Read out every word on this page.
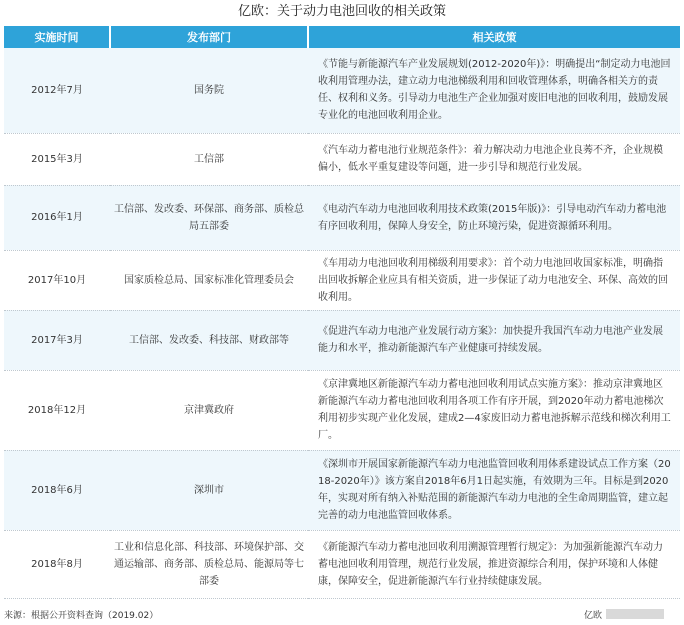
亿欧：关于动力电池回收的相关政策
实施时间	发布部门	相关政策
2012年7月	国务院	《节能与新能源汽车产业发展规划(2012-2020年)》：明确提出“制定动力电池回收利用管理办法，建立动力电池梯级利用和回收管理体系，明确各相关方的责任、权利和义务。引导动力电池生产企业加强对废旧电池的回收利用，鼓励发展专业化的电池回收利用企业。
2015年3月	工信部	《汽车动力蓄电池行业规范条件》：着力解决动力电池企业良莠不齐，企业规模偏小，低水平重复建设等问题，进一步引导和规范行业发展。
2016年1月	工信部、发改委、环保部、商务部、质检总局五部委	《电动汽车动力电池回收利用技术政策(2015年版)》：引导电动汽车动力蓄电池有序回收利用，保障人身安全，防止环境污染，促进资源循环利用。
2017年10月	国家质检总局、国家标准化管理委员会	《车用动力电池回收利用梯级利用要求》：首个动力电池回收国家标准，明确指出回收拆解企业应具有相关资质，进一步保证了动力电池安全、环保、高效的回收利用。
2017年3月	工信部、发改委、科技部、财政部等	《促进汽车动力电池产业发展行动方案》：加快提升我国汽车动力电池产业发展能力和水平，推动新能源汽车产业健康可持续发展。
2018年12月	京津冀政府	《京津冀地区新能源汽车动力蓄电池回收利用试点实施方案》：推动京津冀地区新能源汽车动力蓄电池回收利用各项工作有序开展，到2020年动力蓄电池梯次利用初步实现产业化发展，建成2—4家废旧动力蓄电池拆解示范线和梯次利用工厂。
2018年6月	深圳市	《深圳市开展国家新能源汽车动力电池监管回收利用体系建设试点工作方案（2018-2020年）》该方案自2018年6月1日起实施，有效期为三年。目标是到2020年，实现对所有纳入补贴范围的新能源汽车动力电池的全生命周期监管，建立起完善的动力电池监管回收体系。
2018年8月	工业和信息化部、科技部、环境保护部、交通运输部、商务部、质检总局、能源局等七部委	《新能源汽车动力蓄电池回收利用溯源管理暂行规定》：为加强新能源汽车动力蓄电池回收利用管理，规范行业发展，推进资源综合利用，保护环境和人体健康，保障安全，促进新能源汽车行业持续健康发展。
来源：根据公开资料查询（2019.02）	亿欧
